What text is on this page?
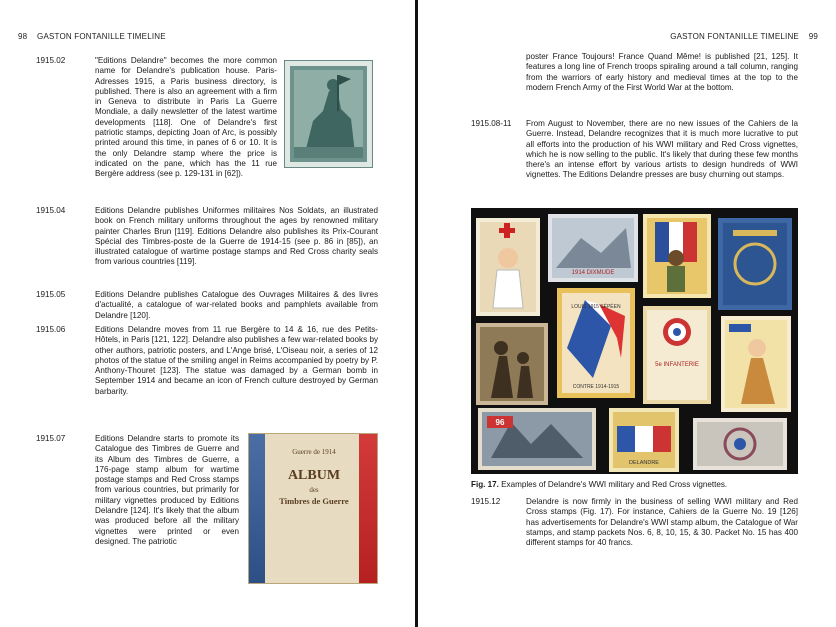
98 GASTON FONTANILLE TIMELINE
1915.02	"Editions Delandre" becomes the more common name for Delandre's publication house. Paris-Adresses 1915, a Paris business directory, is published. There is also an agreement with a firm in Geneva to distribute in Paris La Guerre Mondiale, a daily newsletter of the latest wartime developments [118]. One of Delandre's first patriotic stamps, depicting Joan of Arc, is possibly printed around this time, in panes of 6 or 10. It is the only Delandre stamp where the price is indicated on the pane, which has the 11 rue Bergère address (see p. 129-131 in [62]).
1915.04	Editions Delandre publishes Uniformes militaires Nos Soldats, an illustrated book on French military uniforms throughout the ages by renowned military painter Charles Brun [119]. Editions Delandre also publishes its Prix-Courant Spécial des Timbres-poste de la Guerre de 1914-15 (see p. 86 in [85]), an illustrated catalogue of wartime postage stamps and Red Cross charity seals from various countries [119].
1915.05	Editions Delandre publishes Catalogue des Ouvrages Militaires & des livres d'actualité, a catalogue of war-related books and pamphlets available from Delandre [120].
1915.06	Editions Delandre moves from 11 rue Bergère to 14 & 16, rue des Petits-Hôtels, in Paris [121, 122]. Delandre also publishes a few war-related books by other authors, patriotic posters, and L'Ange brisé, L'Oiseau noir, a series of 12 photos of the statue of the smiling angel in Reims accompanied by poetry by P. Anthony-Thouret [123]. The statue was damaged by a German bomb in September 1914 and became an icon of French culture destroyed by German barbarity.
Guerre de 1914
ALBUM
des
Timbres de Guerre
1915.07	Editions Delandre starts to promote its Catalogue des Timbres de Guerre and its Album des Timbres de Guerre, a 176-page stamp album for wartime postage stamps and Red Cross stamps from various countries, but primarily for military vignettes produced by Editions Delandre [124]. It's likely that the album was produced before all the military vignettes were printed or even designed. The patriotic
GASTON FONTANILLE TIMELINE 99
poster France Toujours! France Quand Même! is published [21, 125]. It features a long line of French troops spiraling around a tall column, ranging from the warriors of early history and medieval times at the top to the modern French Army of the First World War at the bottom.
1915.08-11 From August to November, there are no new issues of the Cahiers de la Guerre. Instead, Delandre recognizes that it is much more lucrative to put all efforts into the production of his WWI military and Red Cross vignettes, which he is now selling to the public. It's likely that during these few months there's an intense effort by various artists to design hundreds of WWI vignettes. The Editions Delandre presses are busy churning out stamps.
1914 DIXMUDE
LOUIS 1915 SÉPÉEN
CONTRE 1914-1915
5e INFANTERIE
96
DELANDRE
Fig. 17. Examples of Delandre's WWI military and Red Cross vignettes.
1915.12	Delandre is now firmly in the business of selling WWI military and Red Cross stamps (Fig. 17). For instance, Cahiers de la Guerre No. 19 [126] has advertisements for Delandre's WWI stamp album, the Catalogue of War stamps, and stamp packets Nos. 6, 8, 10, 15, & 30. Packet No. 15 has 400 different stamps for 40 francs.
